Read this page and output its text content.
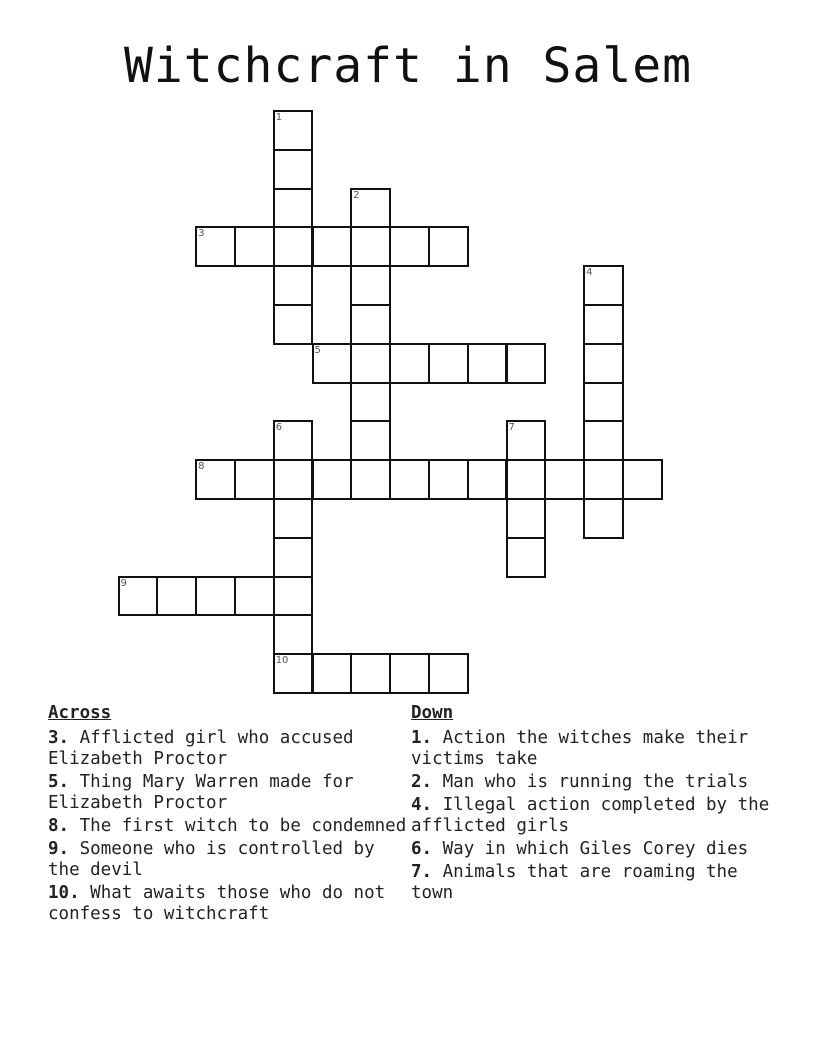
Witchcraft in Salem
1
2
3
4
5
6
10
7
8
9
Across
3. Afflicted girl who accused Elizabeth Proctor
5. Thing Mary Warren made for Elizabeth Proctor
8. The first witch to be condemned
9. Someone who is controlled by the devil
10. What awaits those who do not confess to witchcraft
Down
1. Action the witches make their victims take
2. Man who is running the trials
4. Illegal action completed by the afflicted girls
6. Way in which Giles Corey dies
7. Animals that are roaming the town
